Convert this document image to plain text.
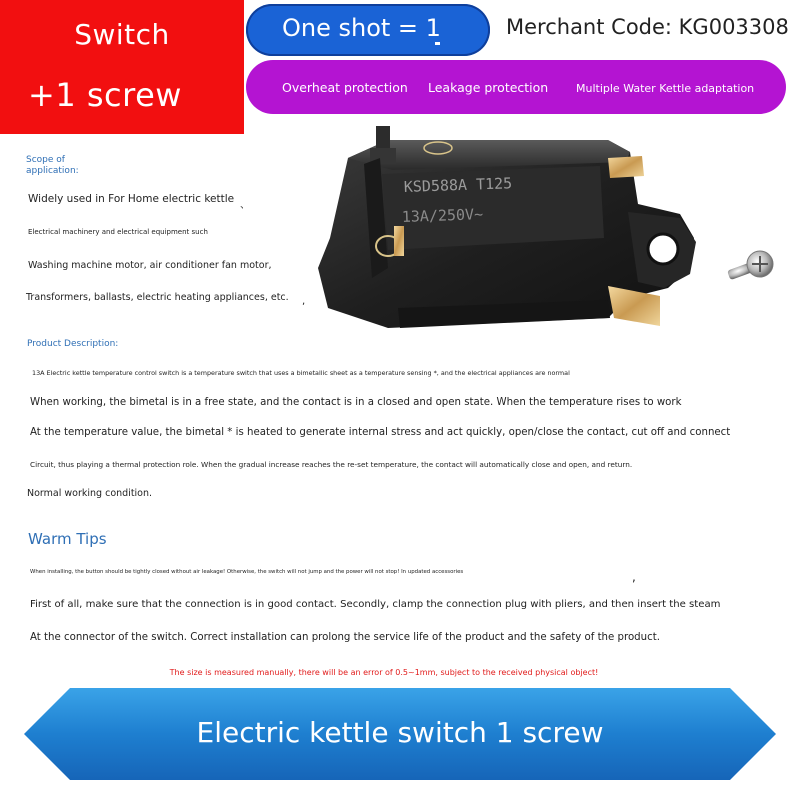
Switch
+1 screw
One shot = 1	Merchant Code: KG003308
Overheat protection Leakage protection	Multiple Water Kettle adaptation
KSD588A T125
13A/250V~
Scope of
application:
Widely used in For Home electric kettle
、
Electrical machinery and electrical equipment such
Washing machine motor, air conditioner fan motor,
Transformers, ballasts, electric heating appliances, etc. ,
Product Description:
13A Electric kettle temperature control switch is a temperature switch that uses a bimetallic sheet as a temperature sensing *, and the electrical appliances are normal
When working, the bimetal is in a free state, and the contact is in a closed and open state. When the temperature rises to work
At the temperature value, the bimetal * is heated to generate internal stress and act quickly, open/close the contact, cut off and connect
Circuit, thus playing a thermal protection role. When the gradual increase reaches the re-set temperature, the contact will automatically close and open, and return.
Normal working condition.
Warm Tips
When installing, the button should be tightly closed without air leakage! Otherwise, the switch will not jump and the power will not stop! In updated accessories	,
First of all, make sure that the connection is in good contact. Secondly, clamp the connection plug with pliers, and then insert the steam
At the connector of the switch. Correct installation can prolong the service life of the product and the safety of the product.
The size is measured manually, there will be an error of 0.5~1mm, subject to the received physical object!
Electric kettle switch 1 screw
